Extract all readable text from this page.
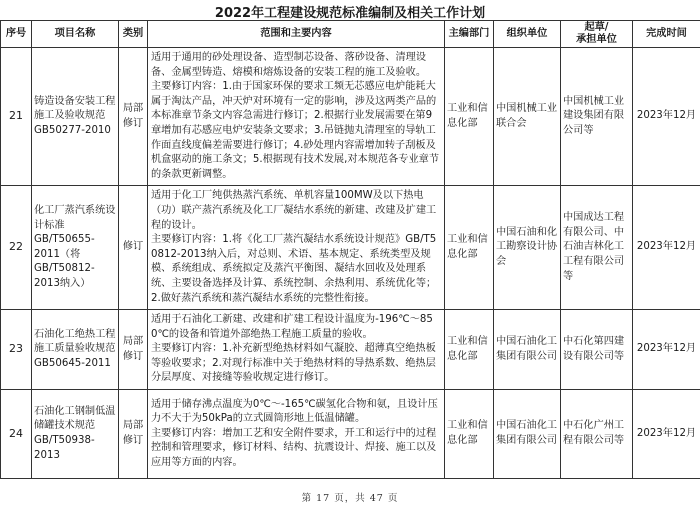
2022年工程建设规范标准编制及相关工作计划
序号	项目名称	类别	范围和主要内容	主编部门	组织单位	起草/
承担单位	完成时间
21	铸造设备安装工程施工及验收规范GB50277-2010	局部修订	适用于通用的砂处理设备、造型制芯设备、落砂设备、清理设备、金属型铸造、熔模和熔炼设备的安装工程的施工及验收。
主要修订内容：1.由于国家环保的要求工频无芯感应电炉能耗大属于淘汰产品，冲天炉对环境有一定的影响，涉及这两类产品的本标准章节条文内容急需进行修订；2.根据行业发展需要在第9章增加有芯感应电炉安装条文要求；3.吊链抛丸清理室的导轨工作面直线度偏差需要进行修订；4.砂处理内容需增加转子刮板及机盒驱动的施工条文；5.根据现有技术发展,对本规范各专业章节的条款更新调整。	工业和信息化部	中国机械工业联合会	中国机械工业建设集团有限公司等	2023年12月
22	化工厂蒸汽系统设计标准GB/T50655-2011（将GB/T50812-2013纳入）	修订	适用于化工厂纯供热蒸汽系统、单机容量100MW及以下热电（功）联产蒸汽系统及化工厂凝结水系统的新建、改建及扩建工程的设计。
主要修订内容：1.将《化工厂蒸汽凝结水系统设计规范》GB/T50812-2013纳入后，对总则、术语、基本规定、系统类型及规模、系统组成、系统拟定及蒸汽平衡图、凝结水回收及处理系统、主要设备选择及计算、系统控制、余热利用、系统优化等；2.做好蒸汽系统和蒸汽凝结水系统的完整性衔接。	工业和信息化部	中国石油和化工勘察设计协会	中国成达工程有限公司、中石油吉林化工工程有限公司等	2023年12月
23	石油化工绝热工程施工质量验收规范GB50645-2011	局部修订	适用于石油化工新建、改建和扩建工程设计温度为-196℃～850℃的设备和管道外部绝热工程施工质量的验收。
主要修订内容：1.补充新型绝热材料如气凝胶、超薄真空绝热板等验收要求；2.对现行标准中关于绝热材料的导热系数、绝热层分层厚度、对接缝等验收规定进行修订。	工业和信息化部	中国石油化工集团有限公司	中石化第四建设有限公司等	2023年12月
24	石油化工钢制低温储罐技术规范GB/T50938-2013	局部修订	适用于储存沸点温度为0℃～-165℃碳氢化合物和氨，且设计压力不大于为50kPa的立式圆筒形地上低温储罐。
主要修订内容：增加工艺和安全附件要求，开工和运行中的过程控制和管理要求，修订材料、结构、抗震设计、焊接、施工以及应用等方面的内容。	工业和信息化部	中国石油化工集团有限公司	中石化广州工程有限公司等	2023年12月
第 17 页，共 47 页
